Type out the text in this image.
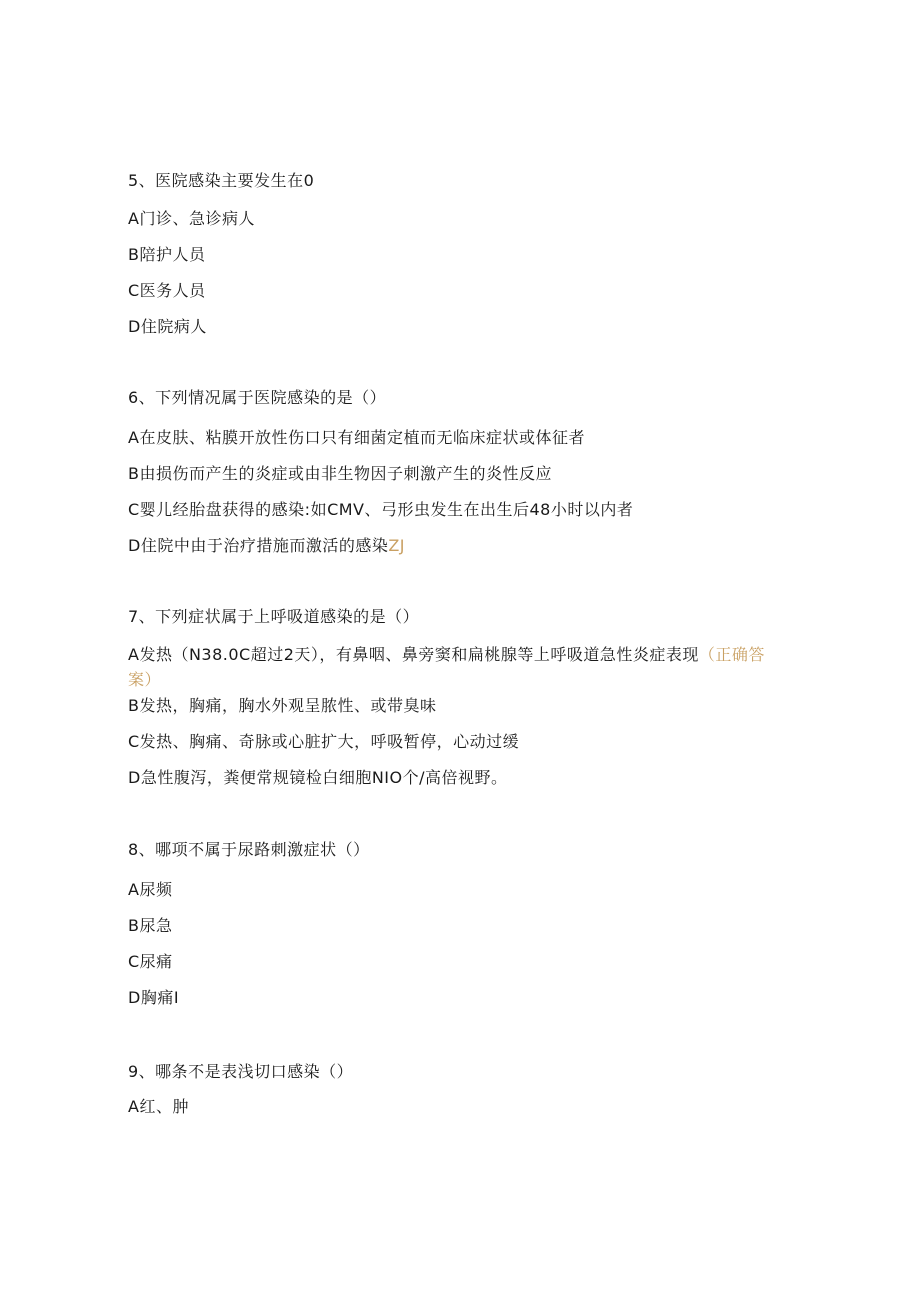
5、医院感染主要发生在0
A门诊、急诊病人
B陪护人员
C医务人员
D住院病人
6、下列情况属于医院感染的是（）
A在皮肤、粘膜开放性伤口只有细菌定植而无临床症状或体征者
B由损伤而产生的炎症或由非生物因子刺激产生的炎性反应
C婴儿经胎盘获得的感染:如CMV、弓形虫发生在出生后48小时以内者
D住院中由于治疗措施而激活的感染ZJ
7、下列症状属于上呼吸道感染的是（）
A发热（N38.0C超过2天），有鼻咽、鼻旁窦和扁桃腺等上呼吸道急性炎症表现（正确答案）
B发热，胸痛，胸水外观呈脓性、或带臭味
C发热、胸痛、奇脉或心脏扩大，呼吸暂停，心动过缓
D急性腹泻，粪便常规镜检白细胞NIO个/高倍视野。
8、哪项不属于尿路刺激症状（）
A尿频
B尿急
C尿痛
D胸痛I
9、哪条不是表浅切口感染（）
A红、肿
